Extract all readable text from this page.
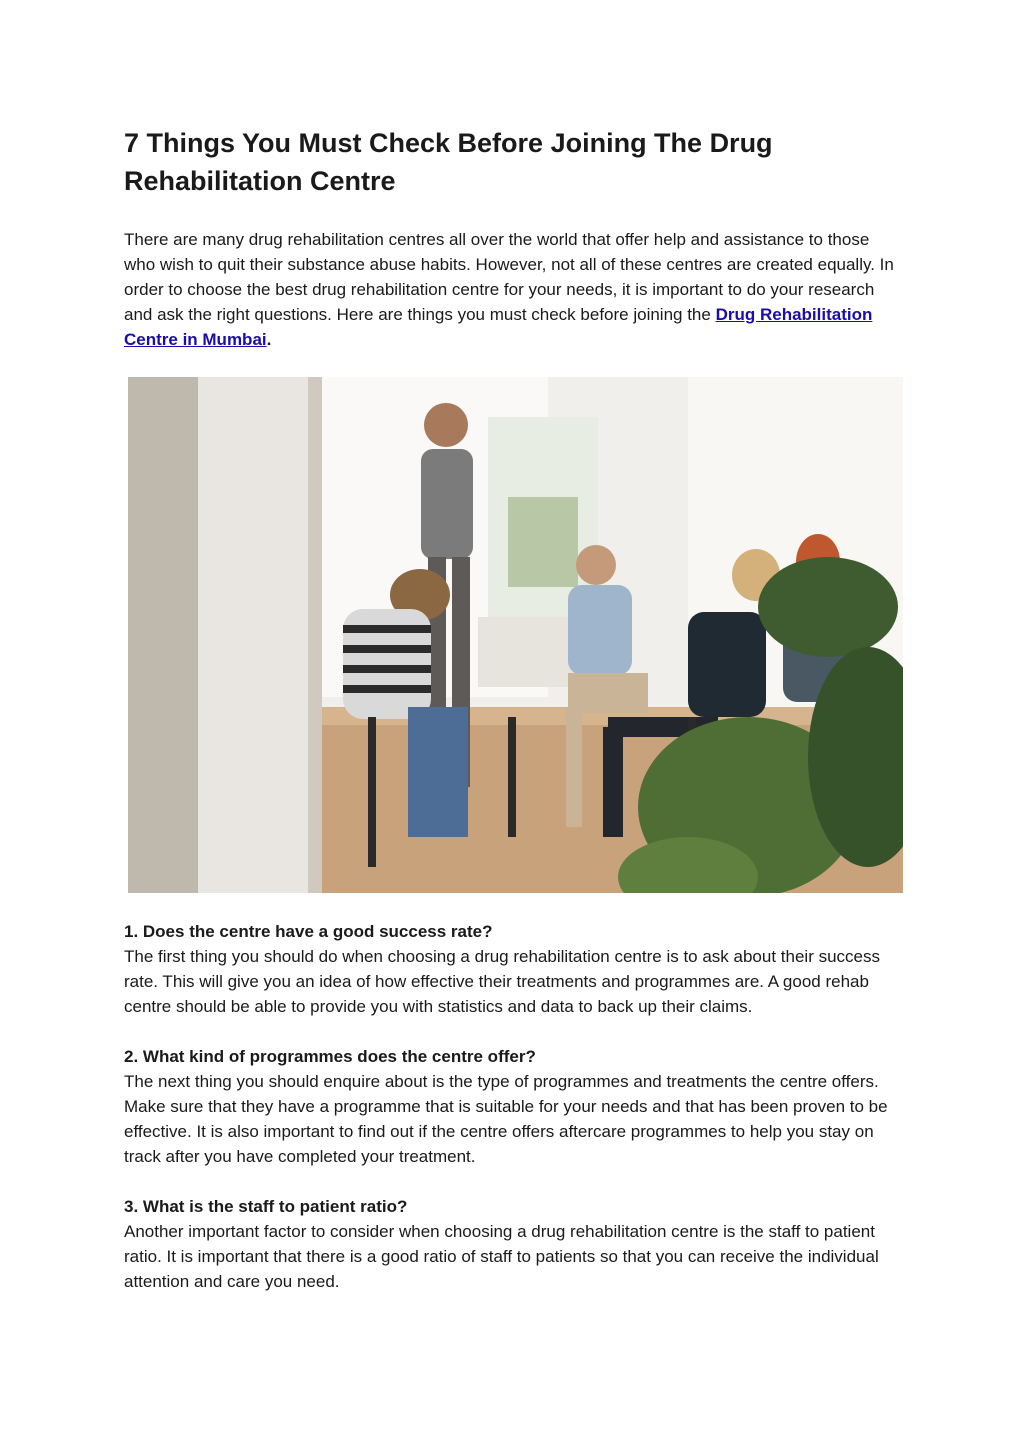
7 Things You Must Check Before Joining The Drug Rehabilitation Centre

There are many drug rehabilitation centres all over the world that offer help and assistance to those who wish to quit their substance abuse habits. However, not all of these centres are created equally. In order to choose the best drug rehabilitation centre for your needs, it is important to do your research and ask the right questions. Here are things you must check before joining the Drug Rehabilitation Centre in Mumbai.

1. Does the centre have a good success rate?

The first thing you should do when choosing a drug rehabilitation centre is to ask about their success rate. This will give you an idea of how effective their treatments and programmes are. A good rehab centre should be able to provide you with statistics and data to back up their claims.

2. What kind of programmes does the centre offer?

The next thing you should enquire about is the type of programmes and treatments the centre offers. Make sure that they have a programme that is suitable for your needs and that has been proven to be effective. It is also important to find out if the centre offers aftercare programmes to help you stay on track after you have completed your treatment.

3. What is the staff to patient ratio?

Another important factor to consider when choosing a drug rehabilitation centre is the staff to patient ratio. It is important that there is a good ratio of staff to patients so that you can receive the individual attention and care you need.
